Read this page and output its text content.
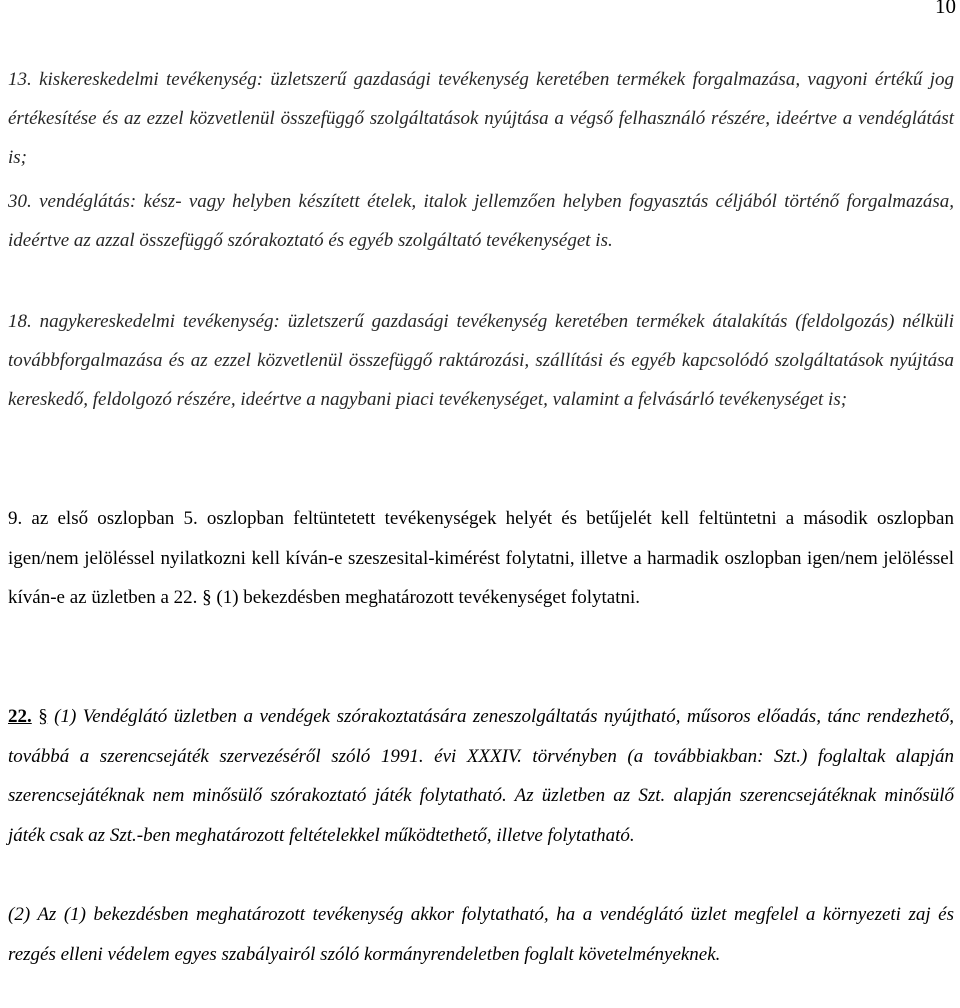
10
13. kiskereskedelmi tevékenység: üzletszerű gazdasági tevékenység keretében termékek forgalmazása, vagyoni értékű jog értékesítése és az ezzel közvetlenül összefüggő szolgáltatások nyújtása a végső felhasználó részére, ideértve a vendéglátást is;
30. vendéglátás: kész- vagy helyben készített ételek, italok jellemzően helyben fogyasztás céljából történő forgalmazása, ideértve az azzal összefüggő szórakoztató és egyéb szolgáltató tevékenységet is.
18. nagykereskedelmi tevékenység: üzletszerű gazdasági tevékenység keretében termékek átalakítás (feldolgozás) nélküli továbbforgalmazása és az ezzel közvetlenül összefüggő raktározási, szállítási és egyéb kapcsolódó szolgáltatások nyújtása kereskedő, feldolgozó részére, ideértve a nagybani piaci tevékenységet, valamint a felvásárló tevékenységet is;
9. az első oszlopban 5. oszlopban feltüntetett tevékenységek helyét és betűjelét kell feltüntetni a második oszlopban igen/nem jelöléssel nyilatkozni kell kíván-e szeszesital-kimérést folytatni, illetve a harmadik oszlopban igen/nem jelöléssel kíván-e az üzletben a 22. § (1) bekezdésben meghatározott tevékenységet folytatni.
22. § (1) Vendéglátó üzletben a vendégek szórakoztatására zeneszolgáltatás nyújtható, műsoros előadás, tánc rendezhető, továbbá a szerencsejáték szervezéséről szóló 1991. évi XXXIV. törvényben (a továbbiakban: Szt.) foglaltak alapján szerencsejátéknak nem minősülő szórakoztató játék folytatható. Az üzletben az Szt. alapján szerencsejátéknak minősülő játék csak az Szt.-ben meghatározott feltételekkel működtethető, illetve folytatható.
(2) Az (1) bekezdésben meghatározott tevékenység akkor folytatható, ha a vendéglátó üzlet megfelel a környezeti zaj és rezgés elleni védelem egyes szabályairól szóló kormányrendeletben foglalt követelményeknek.
